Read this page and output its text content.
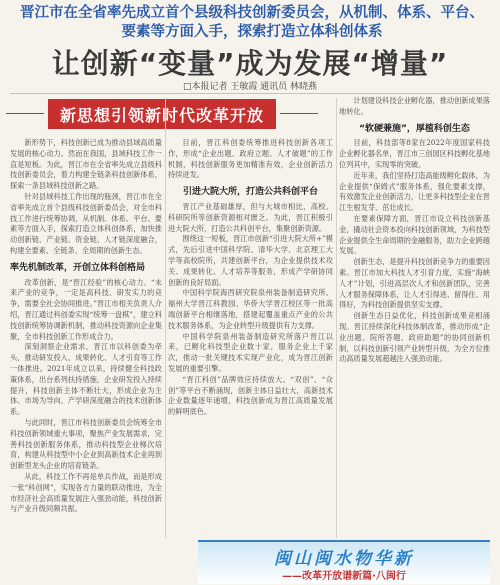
晋江市在全省率先成立首个县级科技创新委员会，从机制、体系、平台、要素等方面入手，探索打造立体科创体系
让创新“变量”成为发展“增量”
□本报记者 王敏霞 通讯员 林晓燕
新思想引领新时代改革开放

新形势下，科技创新已成为推动县域高质量发展的核心动力。然而在我国，县域科技工作一直是短板。为此，晋江市在全省率先成立县级科技创新委员会，着力构建全链条科技创新体系，探索一条县域科技创新之路。

针对县域科技工作出现的瓶颈，晋江市在全省率先成立首个县级科技创新委员会，对全市科技工作进行统筹协调，从机制、体系、平台、要素等方面入手，探索打造立体科创体系，加快推动创新链、产业链、资金链、人才链深度融合，构建全要素、全链条、全周期的创新生态。

率先机制改革，开创立体科创格局

改革创新，是“晋江经验”的核心动力。“未来产业的竞争，一定是高科技、研发实力的竞争，需要全社会协同推进。”晋江市相关负责人介绍，晋江通过科创委实现“统筹一盘棋”，建立科技创新统筹协调新机制，推动科技资源向企业集聚，全市科技创新工作形成合力。

深刻洞察企业需求，晋江市以科创委为牵头，推动研发投入、成果转化、人才引育等工作一体推进。2021年成立以来，持续健全科技政策体系，出台系列扶持措施，企业研发投入持续提升，科技创新主体不断壮大，形成企业为主体、市场为导向、产学研深度融合的技术创新体系。

与此同时，晋江市科技创新委员会统筹全市科技创新领域重大事项，聚焦产业发展需求，完善科技创新服务体系，推动科技型企业梯次培育，构建从科技型中小企业到高新技术企业再到创新型龙头企业的培育链条。

从此，科技工作不再是单兵作战，而是形成一张“科创网”，实现各方力量的联动推进，为全市经济社会高质量发展注入强劲动能，科技创新与产业升级同频共振。

目前，晋江科创委统筹推进科技创新各项工作，形成“企业出题、政府立题、人才破题”的工作机制，科技创新服务更加精准有效，企业创新活力持续迸发。

引进大院大所，打造公共科创平台

晋江产业基础雄厚，但与大城市相比，高校、科研院所等创新资源相对匮乏。为此，晋江积极引进大院大所，打造公共科创平台，集聚创新资源。

围绕这一短板，晋江市创新“引进大院大所+”模式，先后引进中国科学院、清华大学、北京理工大学等高校院所，共建创新平台，为企业提供技术攻关、成果转化、人才培养等服务，形成产学研协同创新的良好局面。

中国科学院海西研究院泉州装备制造研究所、福州大学晋江科教园、华侨大学晋江校区等一批高端创新平台相继落地，搭建起覆盖重点产业的公共技术服务体系，为企业转型升级提供有力支撑。

中国科学院泉州装备制造研究所落户晋江以来，已孵化科技型企业数十家，服务企业上千家次，推动一批关键技术实现产业化，成为晋江创新发展的重要引擎。

“晋江科创”品牌效应持续放大。“双创”、“众创”等平台不断涌现，创新主体日益壮大，高新技术企业数量逐年递增，科技创新成为晋江高质量发展的鲜明底色。

计划建设科技企业孵化器，推动创新成果落地转化。

“软硬兼施”，厚植科创生态

目前，科技部等8家在2022年度国家科技企业孵化器名单，晋江市三创园区科技孵化基地位列其中，实现零的突破。

近年来，我们坚持打造高能级孵化载体，为企业提供“保姆式”服务体系，强化要素支撑，有效激发企业创新活力，让更多科技型企业在晋江生根发芽、茁壮成长。

在要素保障方面，晋江市设立科技创新基金，撬动社会资本投向科技创新领域，为科技型企业提供全生命周期的金融服务，助力企业跨越发展。

创新生态，是提升科技创新竞争力的重要因素。晋江市加大科技人才引育力度，实施“海峡人才”计划，引进高层次人才和创新团队，完善人才服务保障体系，让人才引得进、留得住、用得好，为科技创新提供坚实支撑。

创新生态日益优化，科技创新成果竞相涌现。晋江持续深化科技体制改革，推动形成“企业出题、院所答题、政府助题”的协同创新机制，以科技创新引领产业转型升级，为全方位推动高质量发展超越注入强劲动能。

闽山闽水物华新
——改革开放谱新篇·八闽行
